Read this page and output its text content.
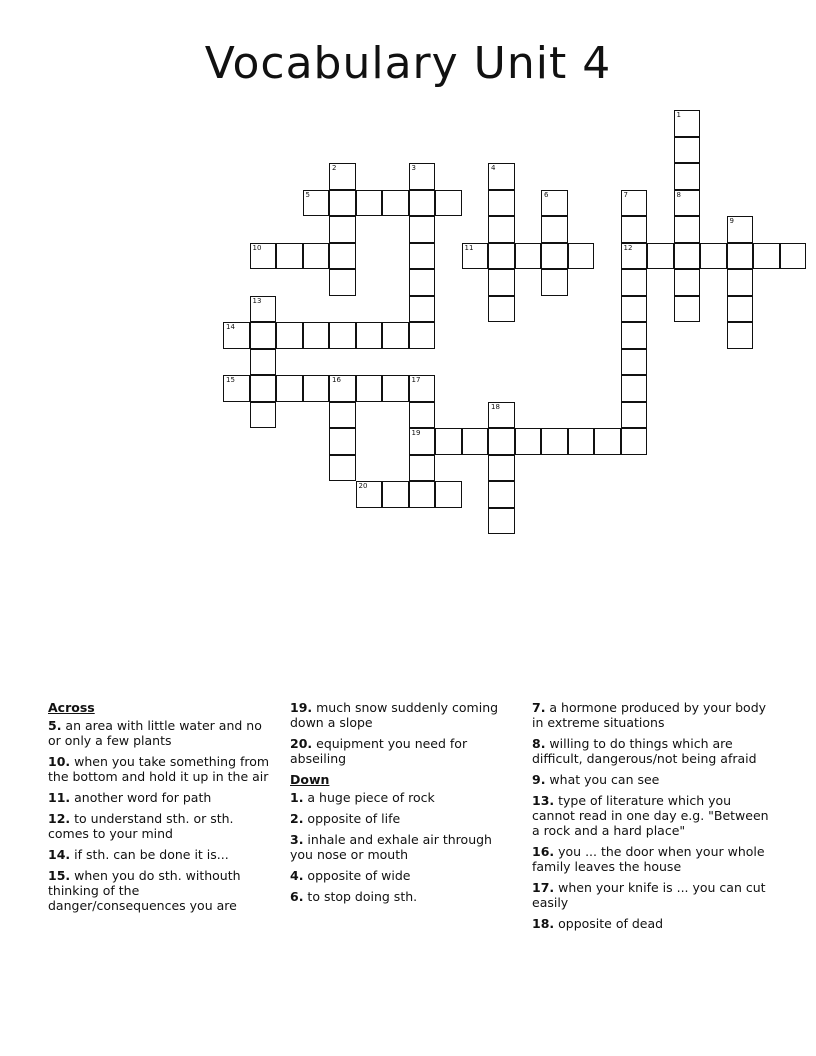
Vocabulary Unit 4
1
8
2	3	4
5	6	7
12
9
10	11
13
14
15	16	17
19
18
20
Across
5. an area with little water and no or only a few plants
10. when you take something from the bottom and hold it up in the air
11. another word for path
12. to understand sth. or sth. comes to your mind
14. if sth. can be done it is...
15. when you do sth. withouth thinking of the danger/consequences you are
19. much snow suddenly coming down a slope
20. equipment you need for abseiling
Down
1. a huge piece of rock
2. opposite of life
3. inhale and exhale air through you nose or mouth
4. opposite of wide
6. to stop doing sth.
7. a hormone produced by your body in extreme situations
8. willing to do things which are difficult, dangerous/not being afraid
9. what you can see
13. type of literature which you cannot read in one day e.g. "Between a rock and a hard place"
16. you ... the door when your whole family leaves the house
17. when your knife is ... you can cut easily
18. opposite of dead
